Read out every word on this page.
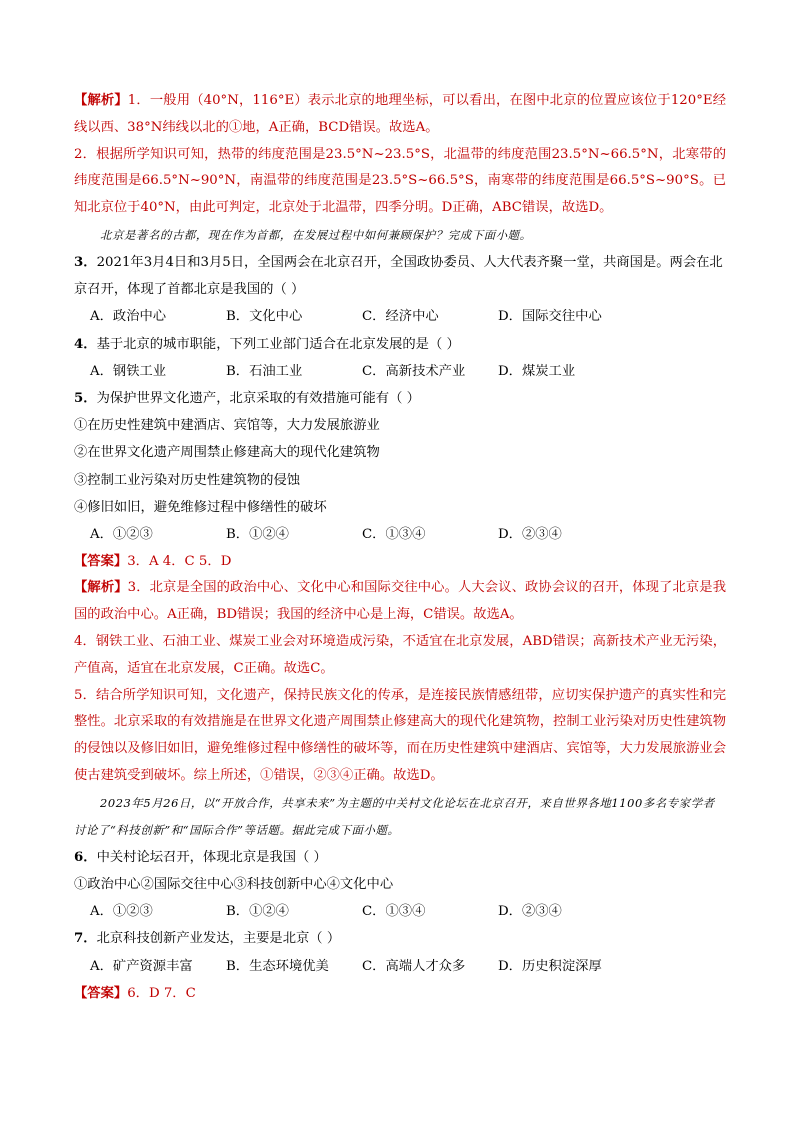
【解析】1．一般用（40°N，116°E）表示北京的地理坐标，可以看出，在图中北京的位置应该位于120°E经线以西、38°N纬线以北的①地，A正确，BCD错误。故选A。

2．根据所学知识可知，热带的纬度范围是23.5°N~23.5°S，北温带的纬度范围23.5°N~66.5°N，北寒带的纬度范围是66.5°N~90°N，南温带的纬度范围是23.5°S~66.5°S，南寒带的纬度范围是66.5°S~90°S。已知北京位于40°N，由此可判定，北京处于北温带，四季分明。D正确，ABC错误，故选D。

北京是著名的古都，现在作为首都，在发展过程中如何兼顾保护？完成下面小题。

3．2021年3月4日和3月5日，全国两会在北京召开，全国政协委员、人大代表齐聚一堂，共商国是。两会在北京召开，体现了首都北京是我国的（ ）

A．政治中心	B．文化中心	C．经济中心	D．国际交往中心

4．基于北京的城市职能，下列工业部门适合在北京发展的是（ ）

A．钢铁工业	B．石油工业	C．高新技术产业	D．煤炭工业

5．为保护世界文化遗产，北京采取的有效措施可能有（ ）

①在历史性建筑中建酒店、宾馆等，大力发展旅游业

②在世界文化遗产周围禁止修建高大的现代化建筑物

③控制工业污染对历史性建筑物的侵蚀

④修旧如旧，避免维修过程中修缮性的破坏

A．①②③	B．①②④	C．①③④	D．②③④

【答案】3．A 4．C 5．D

【解析】3．北京是全国的政治中心、文化中心和国际交往中心。人大会议、政协会议的召开，体现了北京是我国的政治中心。A正确，BD错误；我国的经济中心是上海，C错误。故选A。

4．钢铁工业、石油工业、煤炭工业会对环境造成污染，不适宜在北京发展，ABD错误；高新技术产业无污染，产值高，适宜在北京发展，C正确。故选C。

5．结合所学知识可知，文化遗产，保持民族文化的传承，是连接民族情感纽带，应切实保护遗产的真实性和完整性。北京采取的有效措施是在世界文化遗产周围禁止修建高大的现代化建筑物，控制工业污染对历史性建筑物的侵蚀以及修旧如旧，避免维修过程中修缮性的破坏等，而在历史性建筑中建酒店、宾馆等，大力发展旅游业会使古建筑受到破坏。综上所述，①错误，②③④正确。故选D。

2023年5月26日，以“开放合作，共享未来”为主题的中关村文化论坛在北京召开，来自世界各地1100多名专家学者讨论了“科技创新”和“国际合作”等话题。据此完成下面小题。

6．中关村论坛召开，体现北京是我国（ ）

①政治中心②国际交往中心③科技创新中心④文化中心

A．①②③	B．①②④	C．①③④	D．②③④

7．北京科技创新产业发达，主要是北京（ ）

A．矿产资源丰富	B．生态环境优美	C．高端人才众多	D．历史积淀深厚

【答案】6．D 7．C
